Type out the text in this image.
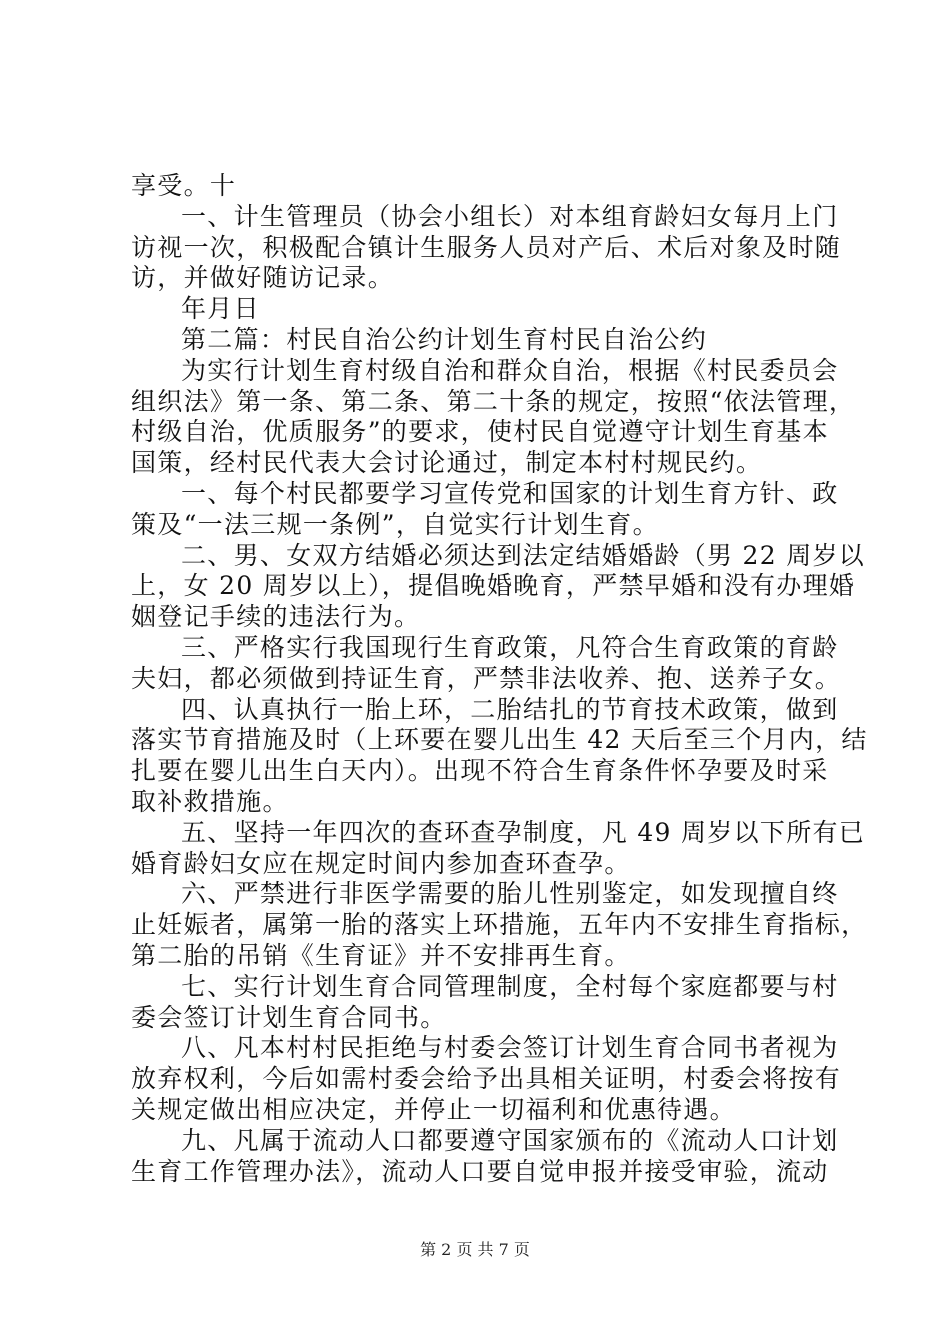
享受。十
一、计生管理员（协会小组长）对本组育龄妇女每月上门
访视一次，积极配合镇计生服务人员对产后、术后对象及时随
访，并做好随访记录。
年月日
第二篇：村民自治公约计划生育村民自治公约
为实行计划生育村级自治和群众自治，根据《村民委员会
组织法》第一条、第二条、第二十条的规定，按照“依法管理，
村级自治，优质服务”的要求，使村民自觉遵守计划生育基本
国策，经村民代表大会讨论通过，制定本村村规民约。
一、每个村民都要学习宣传党和国家的计划生育方针、政
策及“一法三规一条例”，自觉实行计划生育。
二、男、女双方结婚必须达到法定结婚婚龄（男 22 周岁以
上，女 20 周岁以上），提倡晚婚晚育，严禁早婚和没有办理婚
姻登记手续的违法行为。
三、严格实行我国现行生育政策，凡符合生育政策的育龄
夫妇，都必须做到持证生育，严禁非法收养、抱、送养子女。
四、认真执行一胎上环，二胎结扎的节育技术政策，做到
落实节育措施及时（上环要在婴儿出生 42 天后至三个月内，结
扎要在婴儿出生白天内）。出现不符合生育条件怀孕要及时采
取补救措施。
五、坚持一年四次的查环查孕制度，凡 49 周岁以下所有已
婚育龄妇女应在规定时间内参加查环查孕。
六、严禁进行非医学需要的胎儿性别鉴定，如发现擅自终
止妊娠者，属第一胎的落实上环措施，五年内不安排生育指标，
第二胎的吊销《生育证》并不安排再生育。
七、实行计划生育合同管理制度，全村每个家庭都要与村
委会签订计划生育合同书。
八、凡本村村民拒绝与村委会签订计划生育合同书者视为
放弃权利，今后如需村委会给予出具相关证明，村委会将按有
关规定做出相应决定，并停止一切福利和优惠待遇。
九、凡属于流动人口都要遵守国家颁布的《流动人口计划
生育工作管理办法》，流动人口要自觉申报并接受审验，流动
第 2 页 共 7 页
